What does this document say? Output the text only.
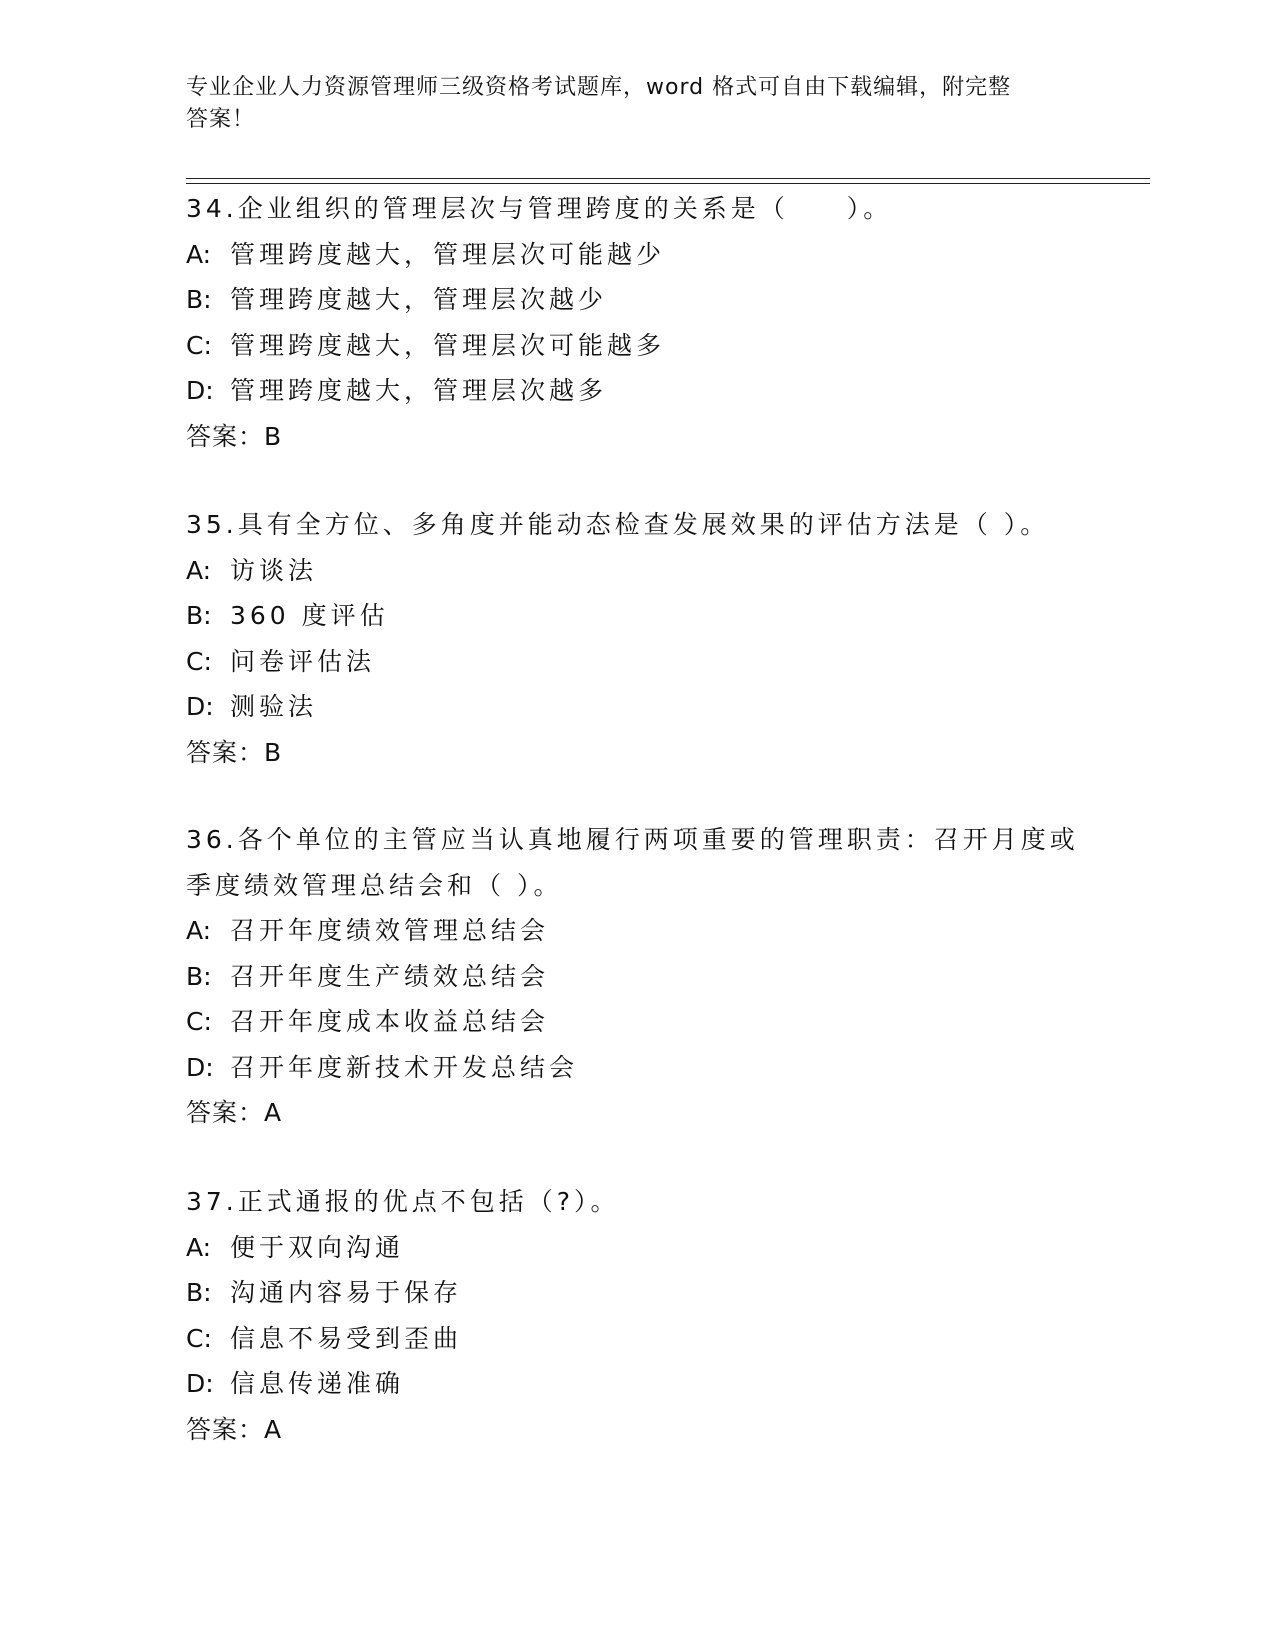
专业企业人力资源管理师三级资格考试题库，word 格式可自由下载编辑，附完整
答案！
34.企业组织的管理层次与管理跨度的关系是（　　）。
A: 管理跨度越大，管理层次可能越少
B: 管理跨度越大，管理层次越少
C: 管理跨度越大，管理层次可能越多
D: 管理跨度越大，管理层次越多
答案：B
35.具有全方位、多角度并能动态检查发展效果的评估方法是（ ）。
A: 访谈法
B: 360 度评估
C: 问卷评估法
D: 测验法
答案：B
36.各个单位的主管应当认真地履行两项重要的管理职责：召开月度或
季度绩效管理总结会和（ ）。
A: 召开年度绩效管理总结会
B: 召开年度生产绩效总结会
C: 召开年度成本收益总结会
D: 召开年度新技术开发总结会
答案：A
37.正式通报的优点不包括（?）。
A: 便于双向沟通
B: 沟通内容易于保存
C: 信息不易受到歪曲
D: 信息传递准确
答案：A
